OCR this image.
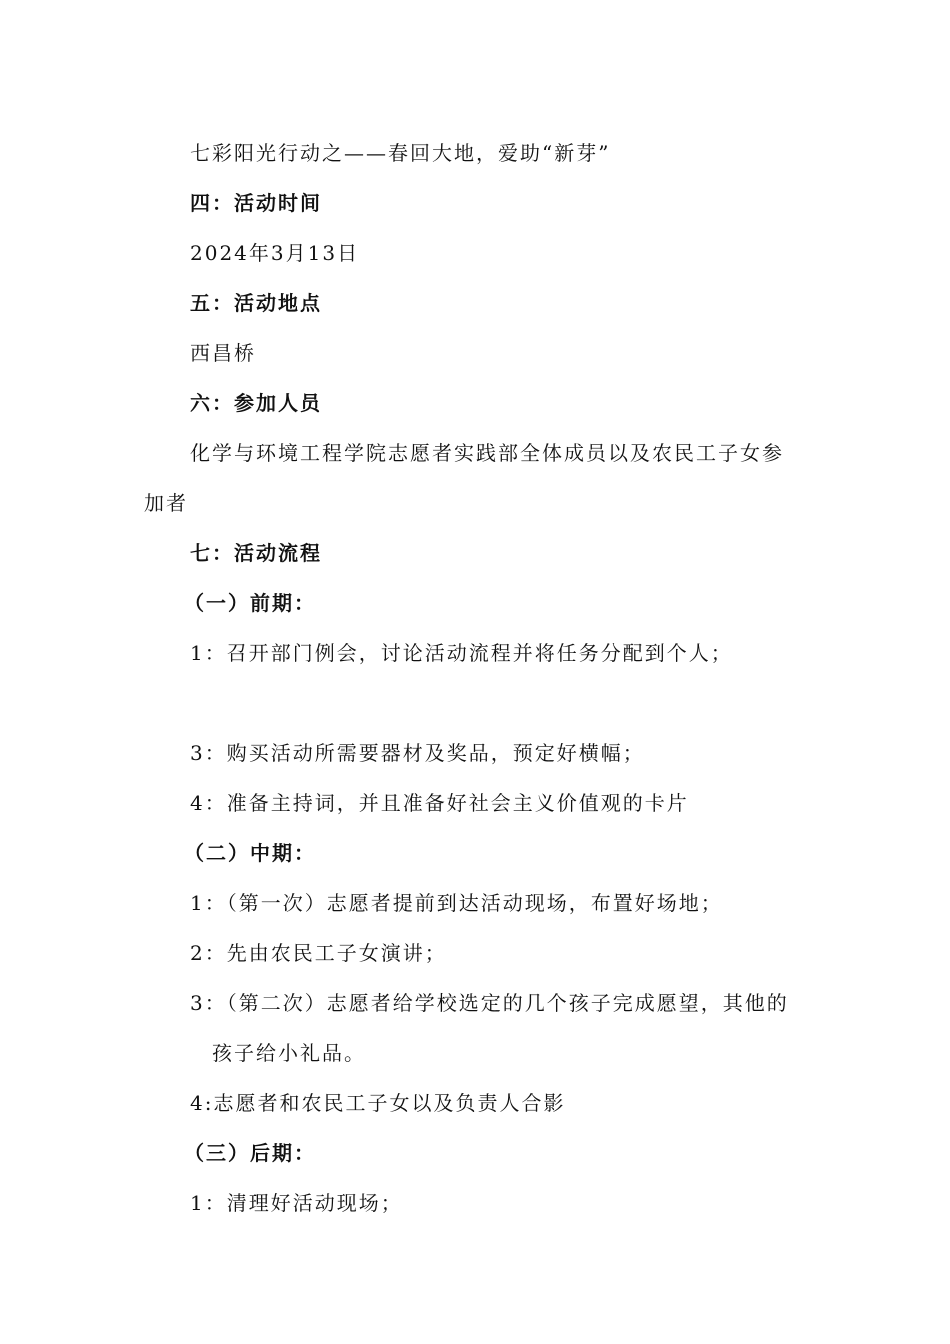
七彩阳光行动之——春回大地，爱助“新芽”

四：活动时间

2024年3月13日

五：活动地点

西昌桥

六：参加人员

化学与环境工程学院志愿者实践部全体成员以及农民工子女参

加者

七：活动流程

（一）前期：

1：召开部门例会，讨论活动流程并将任务分配到个人；

3：购买活动所需要器材及奖品，预定好横幅；

4：准备主持词，并且准备好社会主义价值观的卡片

（二）中期：

1：（第一次）志愿者提前到达活动现场，布置好场地；

2：先由农民工子女演讲；

3：（第二次）志愿者给学校选定的几个孩子完成愿望，其他的

孩子给小礼品。

4:志愿者和农民工子女以及负责人合影

（三）后期：

1：清理好活动现场；
